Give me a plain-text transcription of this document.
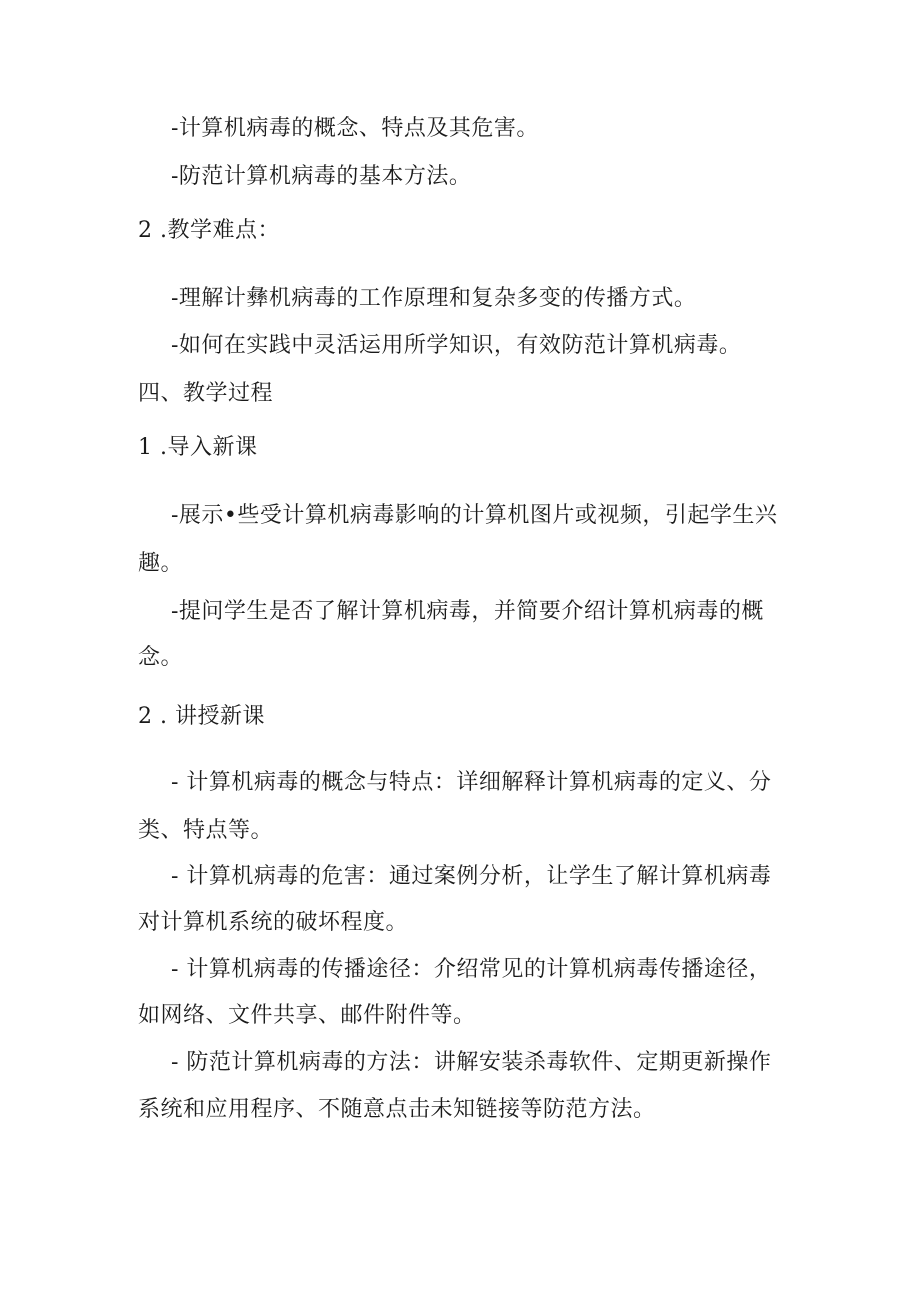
-计算机病毒的概念、特点及其危害。
-防范计算机病毒的基本方法。
2 .教学难点：
-理解计彝机病毒的工作原理和复杂多变的传播方式。
-如何在实践中灵活运用所学知识，有效防范计算机病毒。
四、教学过程
1 .导入新课
-展示•些受计算机病毒影响的计算机图片或视频，引起学生兴
趣。
-提问学生是否了解计算机病毒，并简要介绍计算机病毒的概
念。
2 . 讲授新课
- 计算机病毒的概念与特点：详细解释计算机病毒的定义、分
类、特点等。
- 计算机病毒的危害：通过案例分析，让学生了解计算机病毒
对计算机系统的破坏程度。
- 计算机病毒的传播途径：介绍常见的计算机病毒传播途径，
如网络、文件共享、邮件附件等。
- 防范计算机病毒的方法：讲解安装杀毒软件、定期更新操作
系统和应用程序、不随意点击未知链接等防范方法。
